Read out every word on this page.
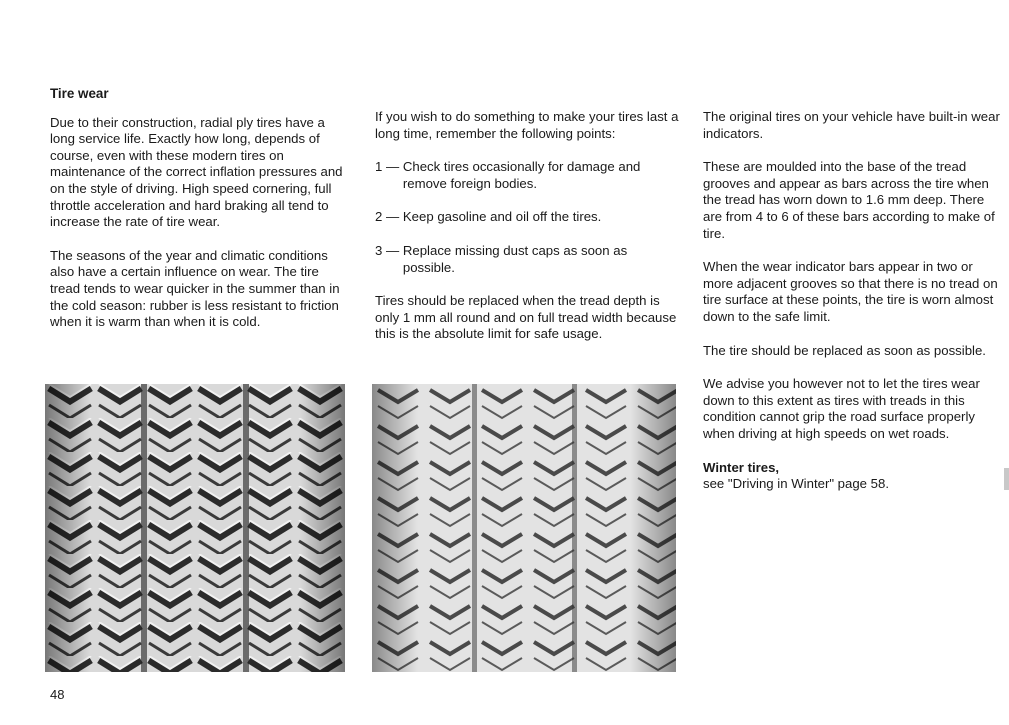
Tire wear

Due to their construction, radial ply tires have a long service life. Exactly how long, depends of course, even with these modern tires on maintenance of the correct inflation pressures and on the style of driving. High speed cornering, full throttle acceleration and hard braking all tend to increase the rate of tire wear.

The seasons of the year and climatic conditions also have a certain influence on wear. The tire tread tends to wear quicker in the summer than in the cold season: rubber is less resistant to friction when it is warm than when it is cold.

If you wish to do something to make your tires last a long time, remember the following points:

1 — Check tires occasionally for damage and remove foreign bodies.
2 — Keep gasoline and oil off the tires.
3 — Replace missing dust caps as soon as possible.

Tires should be replaced when the tread depth is only 1 mm all round and on full tread width because this is the absolute limit for safe usage.

The original tires on your vehicle have built-in wear indicators.

These are moulded into the base of the tread grooves and appear as bars across the tire when the tread has worn down to 1.6 mm deep. There are from 4 to 6 of these bars according to make of tire.

When the wear indicator bars appear in two or more adjacent grooves so that there is no tread on tire surface at these points, the tire is worn almost down to the safe limit.

The tire should be replaced as soon as possible.

We advise you however not to let the tires wear down to this extent as tires with treads in this condition cannot grip the road surface properly when driving at high speeds on wet roads.

Winter tires,
see "Driving in Winter" page 58.
48
